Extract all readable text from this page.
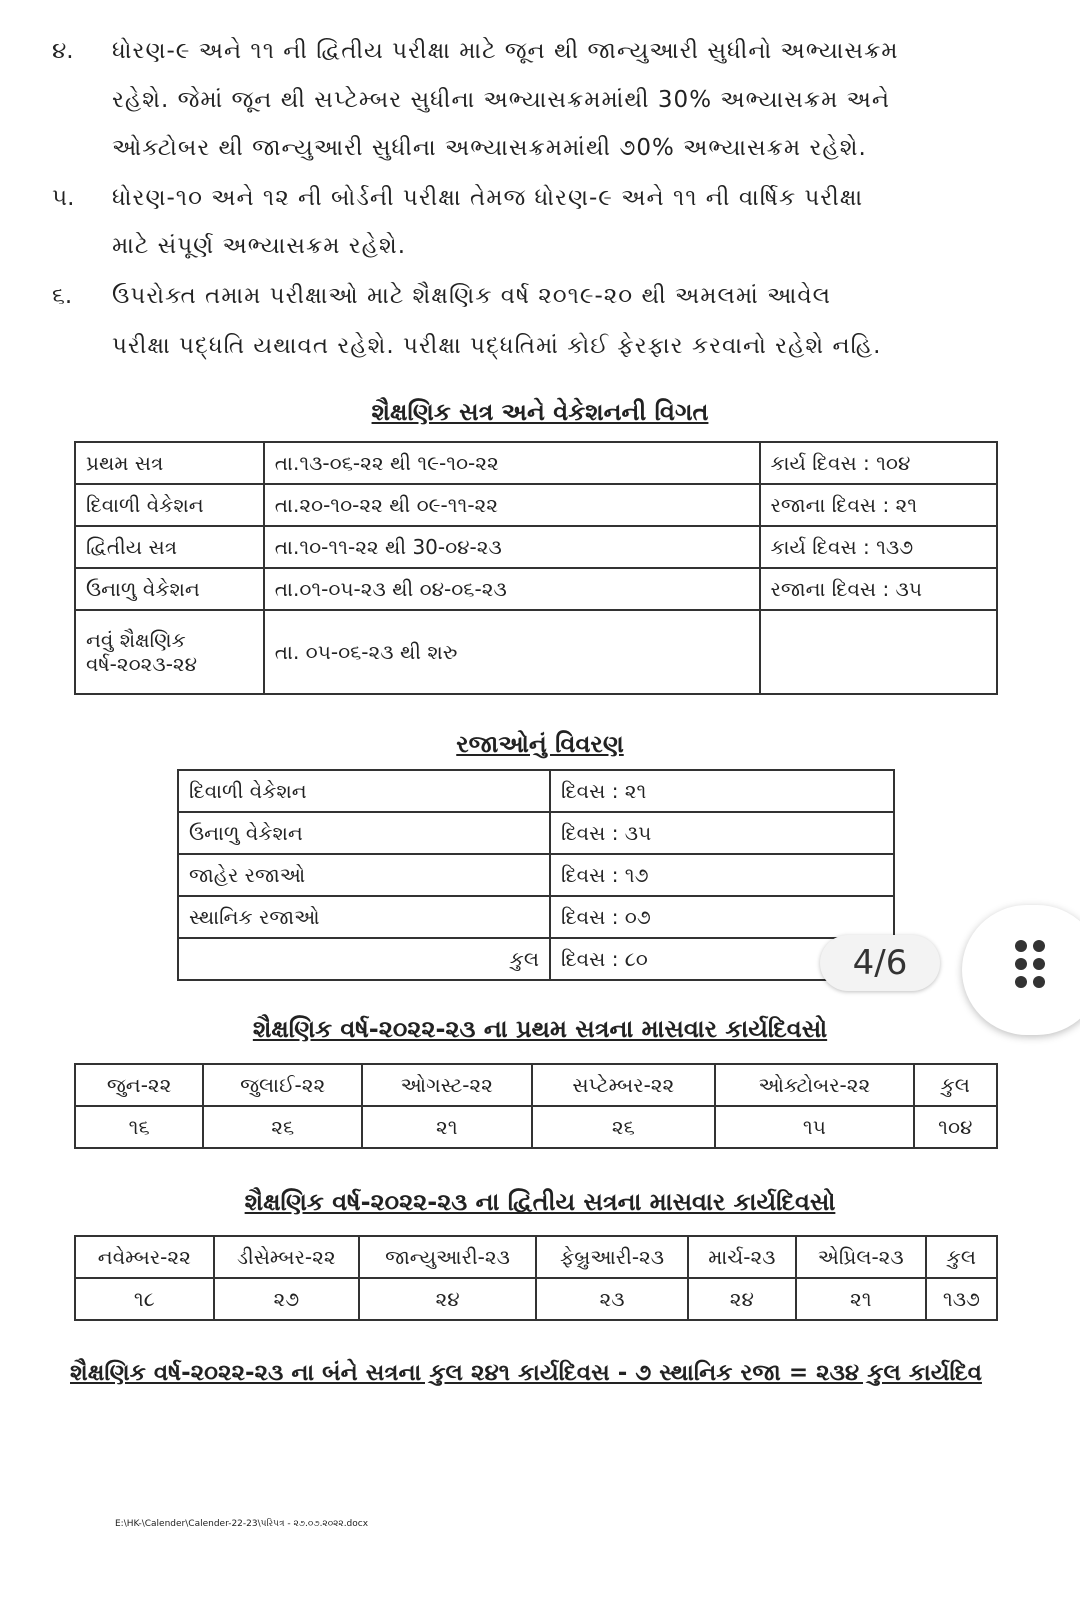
૪. ધોરણ-૯ અને ૧૧ ની દ્વિતીય પરીક્ષા માટે જૂન થી જાન્યુઆરી સુધીનો અભ્યાસક્રમ
રહેશે. જેમાં જૂન થી સપ્ટેમ્બર સુધીના અભ્યાસક્રમમાંથી 30% અભ્યાસક્રમ અને
ઓક્ટોબર થી જાન્યુઆરી સુધીના અભ્યાસક્રમમાંથી ૭0% અભ્યાસક્રમ રહેશે.
૫. ધોરણ-૧૦ અને ૧૨ ની બોર્ડની પરીક્ષા તેમજ ધોરણ-૯ અને ૧૧ ની વાર્ષિક પરીક્ષા
માટે સંપૂર્ણ અભ્યાસક્રમ રહેશે.
૬. ઉપરોક્ત તમામ પરીક્ષાઓ માટે શૈક્ષણિક વર્ષ ૨૦૧૯-૨૦ થી અમલમાં આવેલ
પરીક્ષા પદ્ધતિ યથાવત રહેશે. પરીક્ષા પદ્ધતિમાં કોઈ ફેરફાર કરવાનો રહેશે નહિ.
શૈક્ષણિક સત્ર અને વેકેશનની વિગત
પ્રથમ સત્ર	તા.૧૩-૦૬-૨૨ થી ૧૯-૧૦-૨૨	કાર્ય દિવસ : ૧૦૪
દિવાળી વેકેશન	તા.૨૦-૧૦-૨૨ થી ૦૯-૧૧-૨૨	રજાના દિવસ : ૨૧
દ્વિતીય સત્ર	તા.૧૦-૧૧-૨૨ થી 30-૦૪-૨૩	કાર્ય દિવસ : ૧૩૭
ઉનાળુ વેકેશન	તા.૦૧-૦૫-૨૩ થી ૦૪-૦૬-૨૩	રજાના દિવસ : ૩૫
નવું શૈક્ષણિક વર્ષ-૨૦૨૩-૨૪	તા. ૦૫-૦૬-૨૩ થી શરુ	
રજાઓનું વિવરણ
દિવાળી વેકેશન	દિવસ : ૨૧
ઉનાળુ વેકેશન	દિવસ : ૩૫
જાહેર રજાઓ	દિવસ : ૧૭
સ્થાનિક રજાઓ	દિવસ : ૦૭
કુલ	દિવસ : ૮૦
શૈક્ષણિક વર્ષ-૨૦૨૨-૨૩ ના પ્રથમ સત્રના માસવાર કાર્યદિવસો
જુન-૨૨	જુલાઈ-૨૨	ઓગસ્ટ-૨૨	સપ્ટેમ્બર-૨૨	ઓક્ટોબર-૨૨	કુલ
૧૬	૨૬	૨૧	૨૬	૧૫	૧૦૪
શૈક્ષણિક વર્ષ-૨૦૨૨-૨૩ ના દ્વિતીય સત્રના માસવાર કાર્યદિવસો
નવેમ્બર-૨૨	ડીસેમ્બર-૨૨	જાન્યુઆરી-૨૩	ફેબ્રુઆરી-૨૩	માર્ચ-૨૩	એપ્રિલ-૨૩	કુલ
૧૮	૨૭	૨૪	૨૩	૨૪	૨૧	૧૩૭
શૈક્ષણિક વર્ષ-૨૦૨૨-૨૩ ના બંને સત્રના કુલ ૨૪૧ કાર્યદિવસ - ૭ સ્થાનિક રજા = ૨૩૪ કુલ કાર્યદિવ
E:\HK-\Calender\Calender-22-23\પરિપત્ર - ૨૭.૦૭.૨૦૨૨.docx
4/6
